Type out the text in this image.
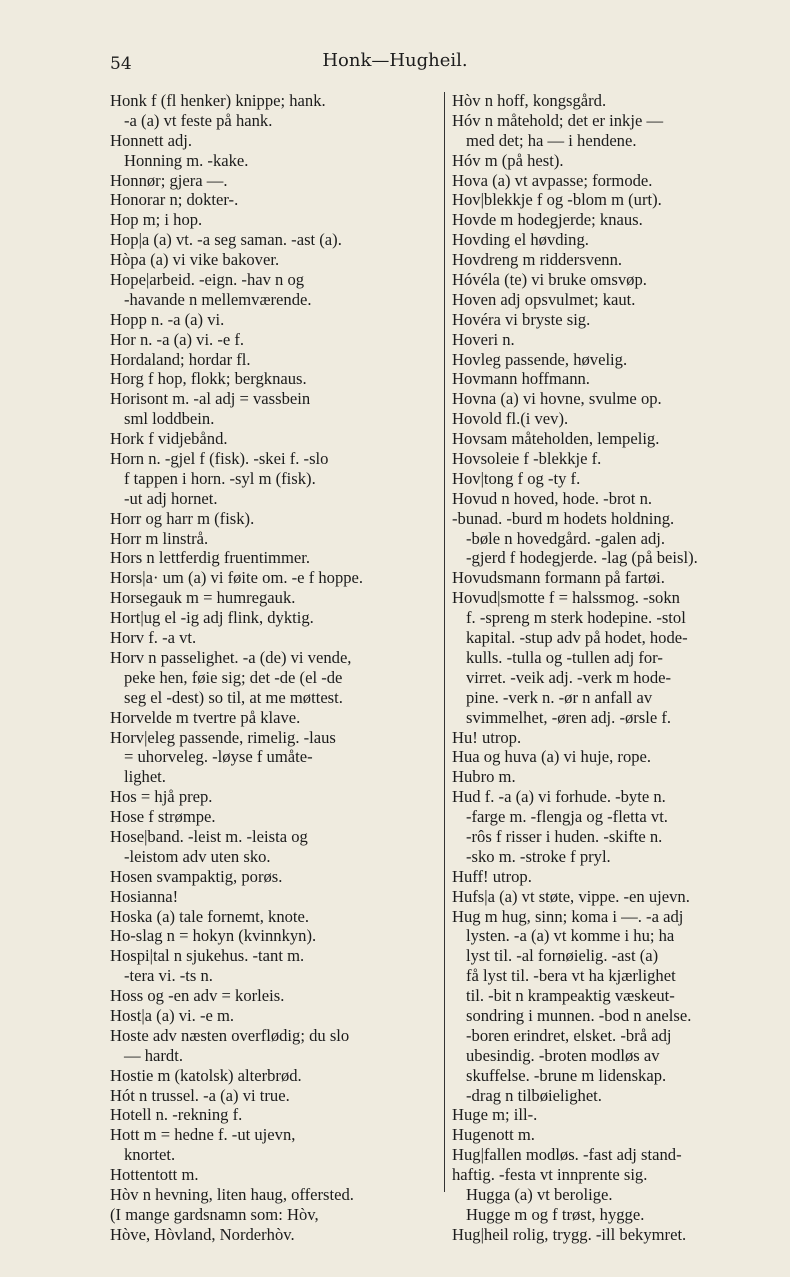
54	Honk—Hugheil.
Honk f (fl henker) knippe; hank.
-a (a) vt feste på hank.
Honnett adj.
Honning m. -kake.
Honnør; gjera —.
Honorar n; dokter-.
Hop m; i hop.
Hop|a (a) vt. -a seg saman. -ast (a).
Hòpa (a) vi vike bakover.
Hope|arbeid. -eign. -hav n og
-havande n mellemværende.
Hopp n. -a (a) vi.
Hor n. -a (a) vi. -e f.
Hordaland; hordar fl.
Horg f hop, flokk; bergknaus.
Horisont m. -al adj = vassbein
sml loddbein.
Hork f vidjebånd.
Horn n. -gjel f (fisk). -skei f. -slo
f tappen i horn. -syl m (fisk).
-ut adj hornet.
Horr og harr m (fisk).
Horr m linstrå.
Hors n lettferdig fruentimmer.
Hors|a· um (a) vi føite om. -e f hoppe.
Horsegauk m = humregauk.
Hort|ug el -ig adj flink, dyktig.
Horv f. -a vt.
Horv n passelighet. -a (de) vi vende,
peke hen, føie sig; det -de (el -de
seg el -dest) so til, at me møttest.
Horvelde m tvertre på klave.
Horv|eleg passende, rimelig. -laus
= uhorveleg. -løyse f umåte-
lighet.
Hos = hjå prep.
Hose f strømpe.
Hose|band. -leist m. -leista og
-leistom adv uten sko.
Hosen svampaktig, porøs.
Hosianna!
Hoska (a) tale fornemt, knote.
Ho-slag n = hokyn (kvinnkyn).
Hospi|tal n sjukehus. -tant m.
-tera vi. -ts n.
Hoss og -en adv = korleis.
Host|a (a) vi. -e m.
Hoste adv næsten overflødig; du slo
— hardt.
Hostie m (katolsk) alterbrød.
Hót n trussel. -a (a) vi true.
Hotell n. -rekning f.
Hott m = hedne f. -ut ujevn,
knortet.
Hottentott m.
Hòv n hevning, liten haug, offersted.
(I mange gardsnamn som: Hòv,
Hòve, Hòvland, Norderhòv.
Hòv n hoff, kongsgård.
Hóv n måtehold; det er inkje —
med det; ha — i hendene.
Hóv m (på hest).
Hova (a) vt avpasse; formode.
Hov|blekkje f og -blom m (urt).
Hovde m hodegjerde; knaus.
Hovding el høvding.
Hovdreng m riddersvenn.
Hóvéla (te) vi bruke omsvøp.
Hoven adj opsvulmet; kaut.
Hovéra vi bryste sig.
Hoveri n.
Hovleg passende, høvelig.
Hovmann hoffmann.
Hovna (a) vi hovne, svulme op.
Hovold fl.(i vev).
Hovsam måteholden, lempelig.
Hovsoleie f -blekkje f.
Hov|tong f og -ty f.
Hovud n hoved, hode. -brot n.
-bunad. -burd m hodets holdning.
-bøle n hovedgård. -galen adj.
-gjerd f hodegjerde. -lag (på beisl).
Hovudsmann formann på fartøi.
Hovud|smotte f = halssmog. -sokn
f. -spreng m sterk hodepine. -stol
kapital. -stup adv på hodet, hode-
kulls. -tulla og -tullen adj for-
virret. -veik adj. -verk m hode-
pine. -verk n. -ør n anfall av
svimmelhet, -øren adj. -ørsle f.
Hu! utrop.
Hua og huva (a) vi huje, rope.
Hubro m.
Hud f. -a (a) vi forhude. -byte n.
-farge m. -flengja og -fletta vt.
-rôs f risser i huden. -skifte n.
-sko m. -stroke f pryl.
Huff! utrop.
Hufs|a (a) vt støte, vippe. -en ujevn.
Hug m hug, sinn; koma i —. -a adj
lysten. -a (a) vt komme i hu; ha
lyst til. -al fornøielig. -ast (a)
få lyst til. -bera vt ha kjærlighet
til. -bit n krampeaktig væskeut-
sondring i munnen. -bod n anelse.
-boren erindret, elsket. -brå adj
ubesindig. -broten modløs av
skuffelse. -brune m lidenskap.
-drag n tilbøielighet.
Huge m; ill-.
Hugenott m.
Hug|fallen modløs. -fast adj stand-
haftig. -festa vt innprente sig.
Hugga (a) vt berolige.
Hugge m og f trøst, hygge.
Hug|heil rolig, trygg. -ill bekymret.
